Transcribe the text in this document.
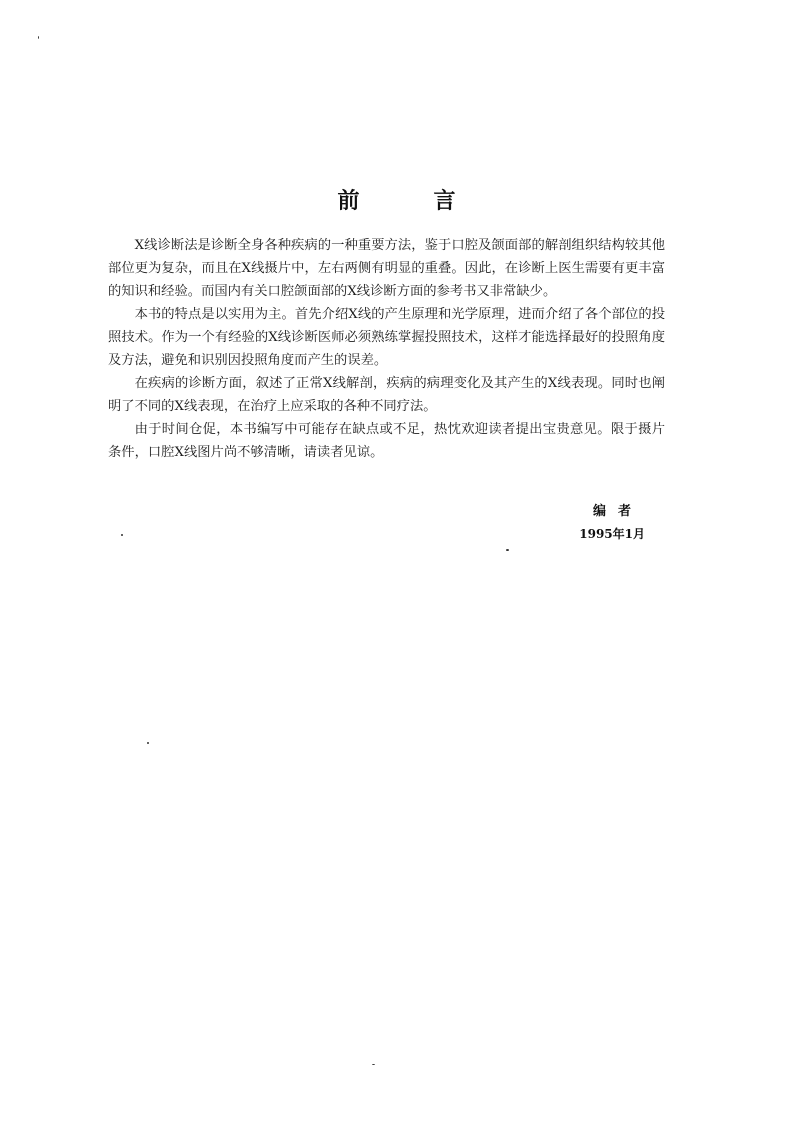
前　言

X线诊断法是诊断全身各种疾病的一种重要方法，鉴于口腔及颌面部的解剖组织结构较其他部位更为复杂，而且在X线摄片中，左右两侧有明显的重叠。因此，在诊断上医生需要有更丰富的知识和经验。而国内有关口腔颌面部的X线诊断方面的参考书又非常缺少。

本书的特点是以实用为主。首先介绍X线的产生原理和光学原理，进而介绍了各个部位的投照技术。作为一个有经验的X线诊断医师必须熟练掌握投照技术，这样才能选择最好的投照角度及方法，避免和识别因投照角度而产生的误差。

在疾病的诊断方面，叙述了正常X线解剖，疾病的病理变化及其产生的X线表现。同时也阐明了不同的X线表现，在治疗上应采取的各种不同疗法。

由于时间仓促，本书编写中可能存在缺点或不足，热忱欢迎读者提出宝贵意见。限于摄片条件，口腔X线图片尚不够清晰，请读者见谅。

编者
1995年1月
